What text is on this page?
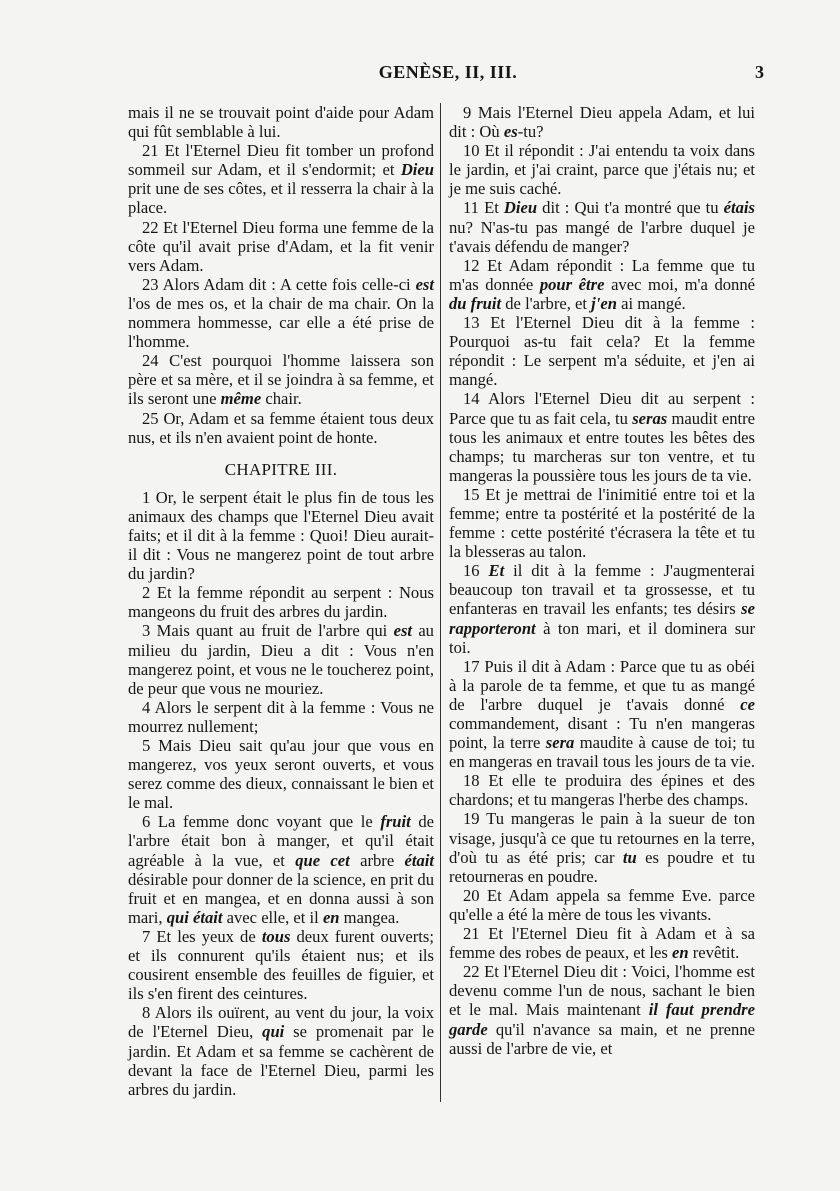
GENÈSE, II, III.	3

mais il ne se trouvait point d'aide pour Adam qui fût semblable à lui.

21 Et l'Eternel Dieu fit tomber un profond sommeil sur Adam, et il s'endormit; et Dieu prit une de ses côtes, et il resserra la chair à la place.

22 Et l'Eternel Dieu forma une femme de la côte qu'il avait prise d'Adam, et la fit venir vers Adam.

23 Alors Adam dit : A cette fois celle-ci est l'os de mes os, et la chair de ma chair. On la nommera hommesse, car elle a été prise de l'homme.

24 C'est pourquoi l'homme laissera son père et sa mère, et il se joindra à sa femme, et ils seront une même chair.

25 Or, Adam et sa femme étaient tous deux nus, et ils n'en avaient point de honte.

CHAPITRE III.

1 Or, le serpent était le plus fin de tous les animaux des champs que l'Eternel Dieu avait faits; et il dit à la femme : Quoi! Dieu aurait-il dit : Vous ne mangerez point de tout arbre du jardin?

2 Et la femme répondit au serpent : Nous mangeons du fruit des arbres du jardin.

3 Mais quant au fruit de l'arbre qui est au milieu du jardin, Dieu a dit : Vous n'en mangerez point, et vous ne le toucherez point, de peur que vous ne mouriez.

4 Alors le serpent dit à la femme : Vous ne mourrez nullement;

5 Mais Dieu sait qu'au jour que vous en mangerez, vos yeux seront ouverts, et vous serez comme des dieux, connaissant le bien et le mal.

6 La femme donc voyant que le fruit de l'arbre était bon à manger, et qu'il était agréable à la vue, et que cet arbre était désirable pour donner de la science, en prit du fruit et en mangea, et en donna aussi à son mari, qui était avec elle, et il en mangea.

7 Et les yeux de tous deux furent ouverts; et ils connurent qu'ils étaient nus; et ils cousirent ensemble des feuilles de figuier, et ils s'en firent des ceintures.

8 Alors ils ouïrent, au vent du jour, la voix de l'Eternel Dieu, qui se promenait par le jardin. Et Adam et sa femme se cachèrent de devant la face de l'Eternel Dieu, parmi les arbres du jardin.

9 Mais l'Eternel Dieu appela Adam, et lui dit : Où es-tu?

10 Et il répondit : J'ai entendu ta voix dans le jardin, et j'ai craint, parce que j'étais nu; et je me suis caché.

11 Et Dieu dit : Qui t'a montré que tu étais nu? N'as-tu pas mangé de l'arbre duquel je t'avais défendu de manger?

12 Et Adam répondit : La femme que tu m'as donnée pour être avec moi, m'a donné du fruit de l'arbre, et j'en ai mangé.

13 Et l'Eternel Dieu dit à la femme : Pourquoi as-tu fait cela? Et la femme répondit : Le serpent m'a séduite, et j'en ai mangé.

14 Alors l'Eternel Dieu dit au serpent : Parce que tu as fait cela, tu seras maudit entre tous les animaux et entre toutes les bêtes des champs; tu marcheras sur ton ventre, et tu mangeras la poussière tous les jours de ta vie.

15 Et je mettrai de l'inimitié entre toi et la femme; entre ta postérité et la postérité de la femme : cette postérité t'écrasera la tête et tu la blesseras au talon.

16 Et il dit à la femme : J'augmenterai beaucoup ton travail et ta grossesse, et tu enfanteras en travail les enfants; tes désirs se rapporteront à ton mari, et il dominera sur toi.

17 Puis il dit à Adam : Parce que tu as obéi à la parole de ta femme, et que tu as mangé de l'arbre duquel je t'avais donné ce commandement, disant : Tu n'en mangeras point, la terre sera maudite à cause de toi; tu en mangeras en travail tous les jours de ta vie.

18 Et elle te produira des épines et des chardons; et tu mangeras l'herbe des champs.

19 Tu mangeras le pain à la sueur de ton visage, jusqu'à ce que tu retournes en la terre, d'où tu as été pris; car tu es poudre et tu retourneras en poudre.

20 Et Adam appela sa femme Eve. parce qu'elle a été la mère de tous les vivants.

21 Et l'Eternel Dieu fit à Adam et à sa femme des robes de peaux, et les en revêtit.

22 Et l'Eternel Dieu dit : Voici, l'homme est devenu comme l'un de nous, sachant le bien et le mal. Mais maintenant il faut prendre garde qu'il n'avance sa main, et ne prenne aussi de l'arbre de vie, et
